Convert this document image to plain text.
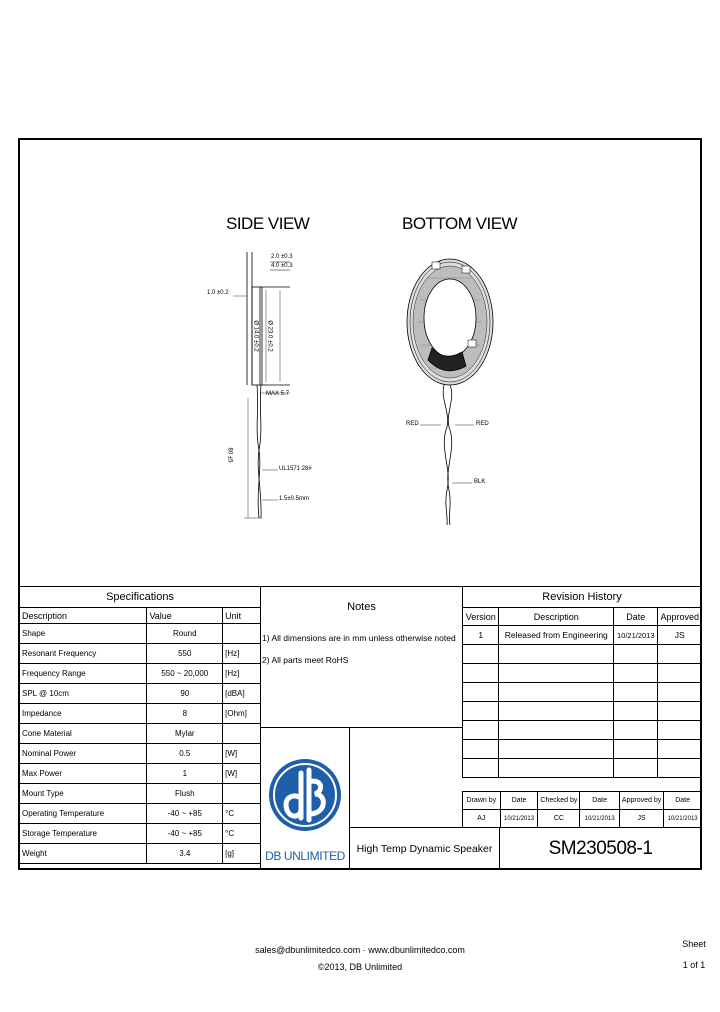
SIDE VIEW	BOTTOM VIEW
2.0 ±0.3
4.0 ±0.3
1.0 ±0.2
Ø 14.0 ±0.2 Ø 23.0 ±0.2
MAX 5.7
80 ±5
UL1571 28#
1.5±0.5mm
RED	RED
BLK
Specifications		
Description	Value	Unit
Shape	Round	
Resonant Frequency	550	[Hz]
Frequency Range	550 ~ 20,000	[Hz]
SPL @ 10cm	90	[dBA]
Impedance	8	[Ohm]
Cone Material	Mylar	
Nominal Power	0.5	[W]
Max Power	1	[W]
Mount Type	Flush	
Operating Temperature	-40 ~ +85	°C
Storage Temperature	-40 ~ +85	°C
Weight	3.4	[g]
Notes
1) All dimensions are in mm unless otherwise noted
2) All parts meet RoHS
DB UNLIMITED
Revision History			
Version	Description	Date	Approved
1	Released from Engineering	10/21/2013	JS

Drawn by	Date	Checked by	Date	Approved by	Date
AJ	10/21/2013	CC	10/21/2013	JS	10/21/2013
High Temp Dynamic Speaker	SM230508-1
sales@dbunlimitedco.com · www.dbunlimitedco.com
©2013, DB Unlimited
Sheet
1 of 1
